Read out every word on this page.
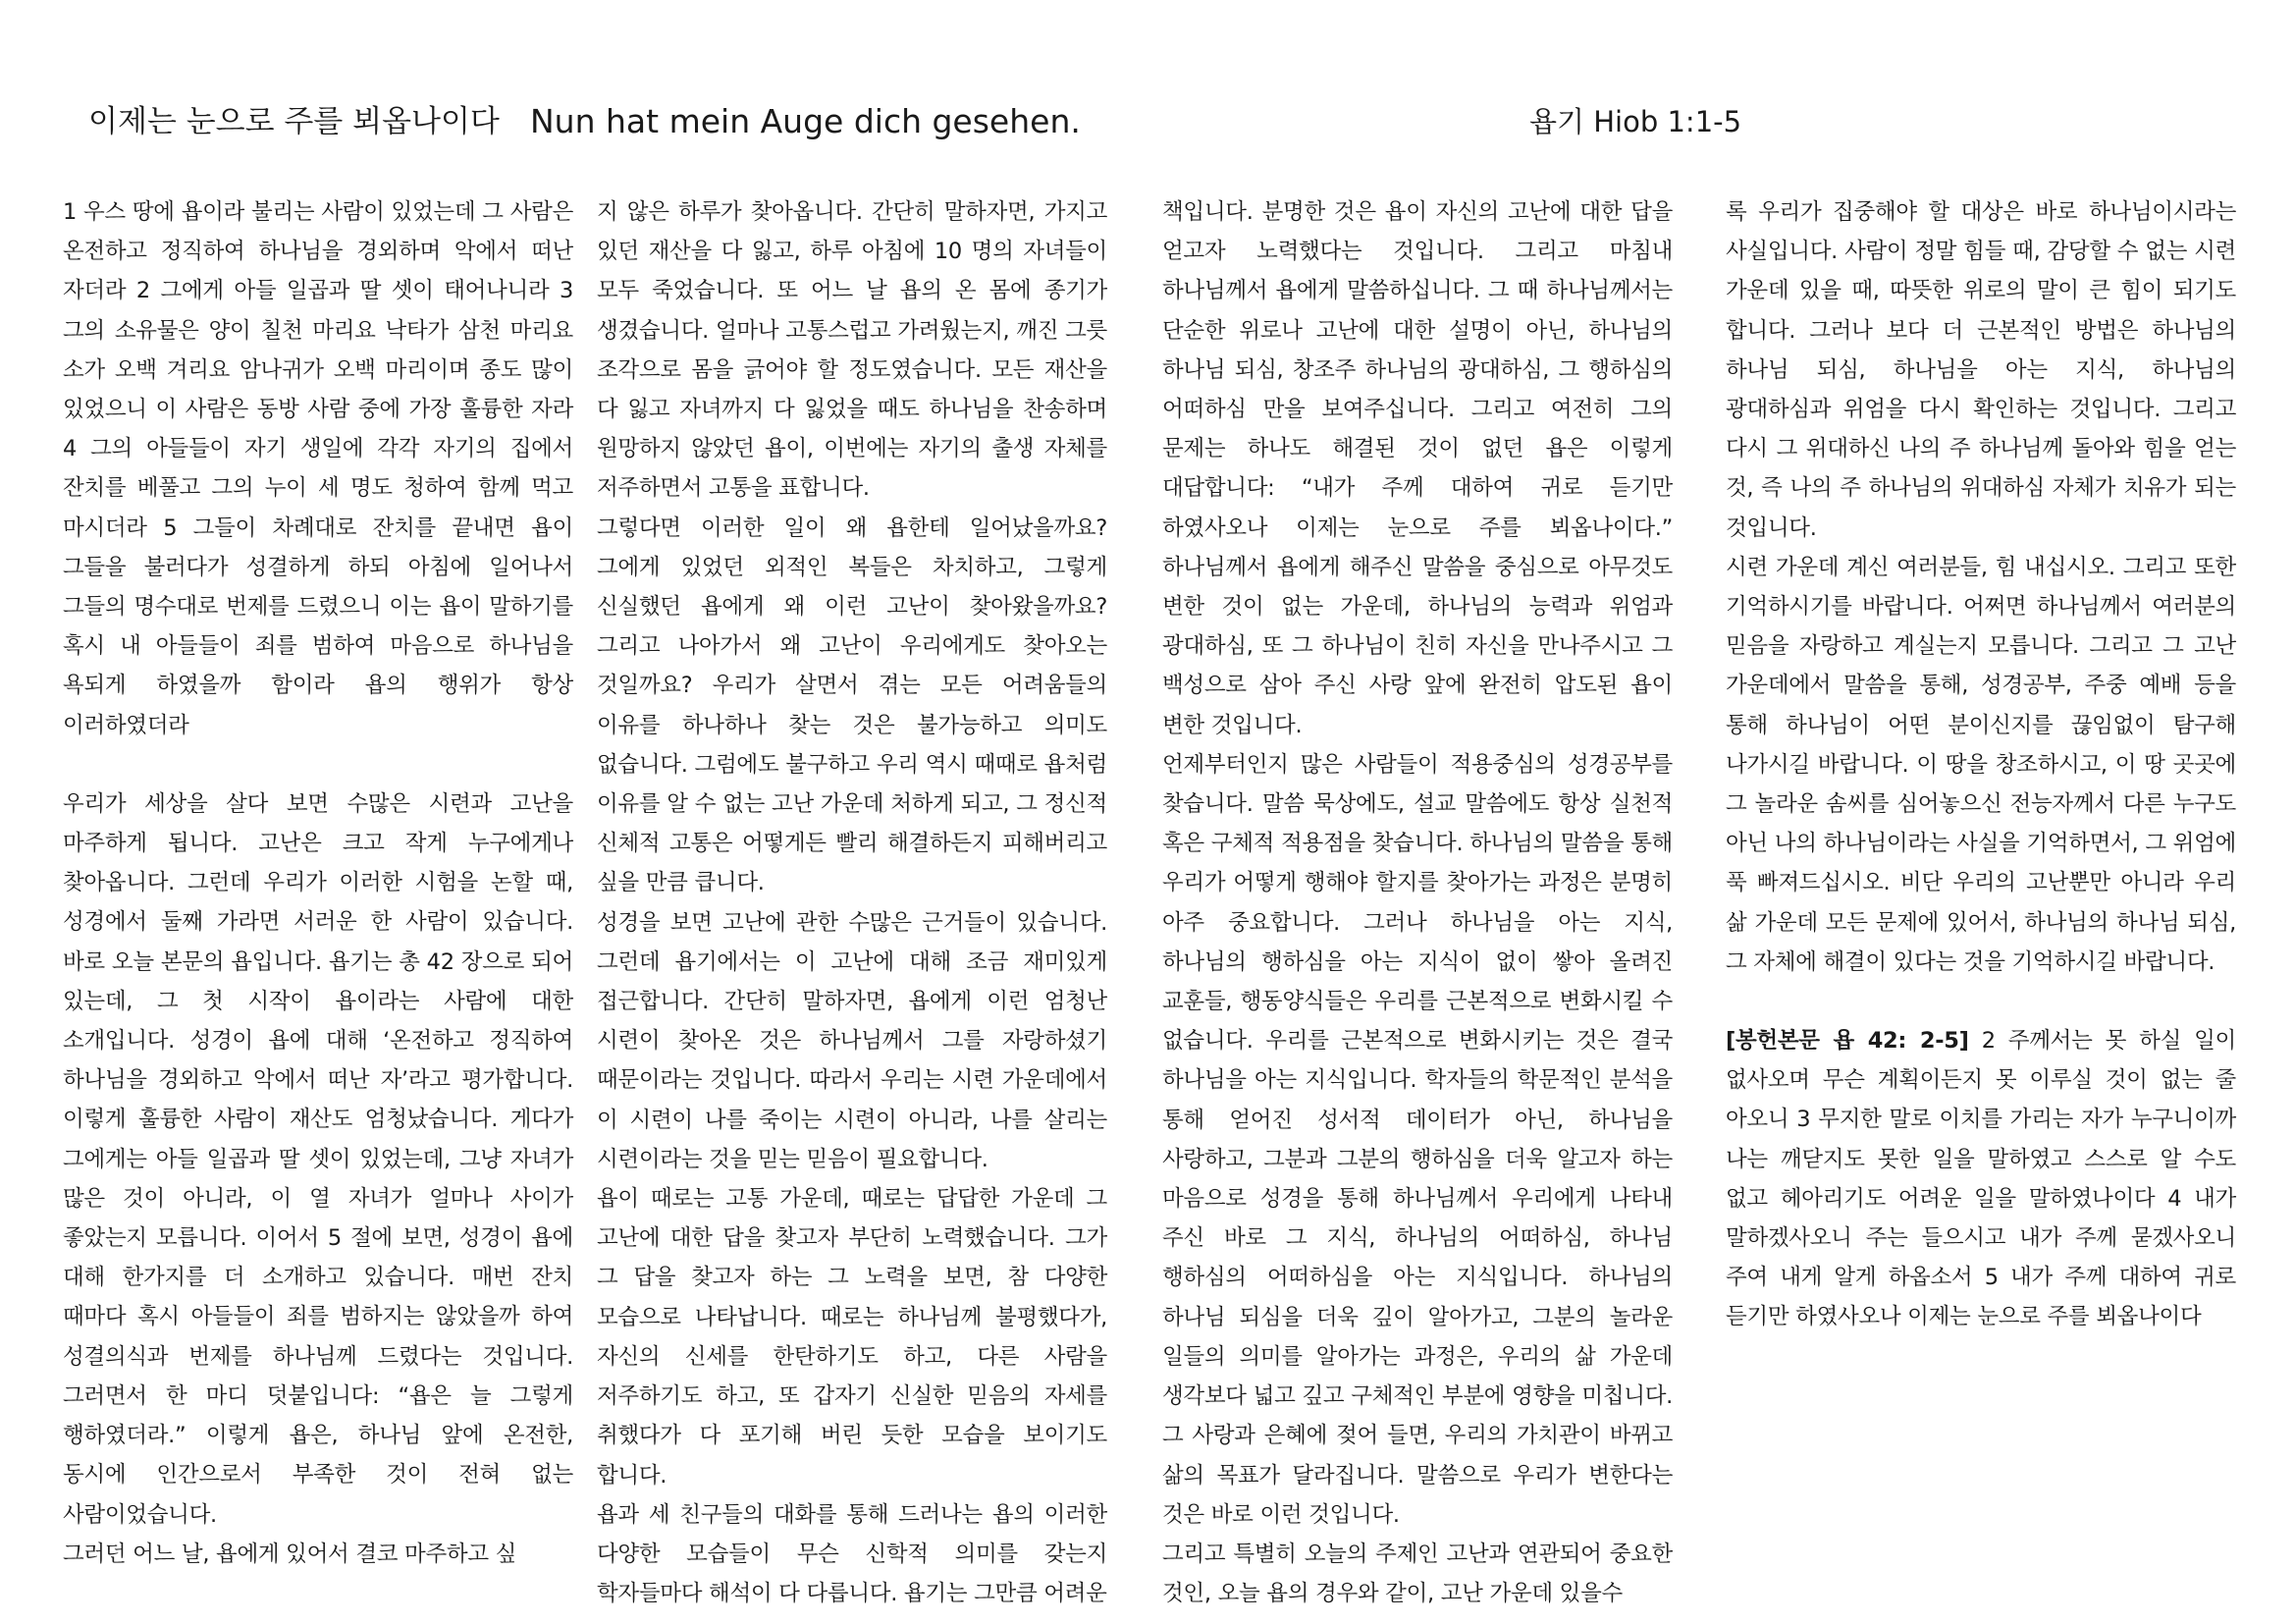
이제는 눈으로 주를 뵈옵나이다 Nun hat mein Auge dich gesehen.	욥기 Hiob 1:1-5

1 우스 땅에 욥이라 불리는 사람이 있었는데 그 사람은 온전하고 정직하여 하나님을 경외하며 악에서 떠난 자더라 2 그에게 아들 일곱과 딸 셋이 태어나니라 3 그의 소유물은 양이 칠천 마리요 낙타가 삼천 마리요 소가 오백 겨리요 암나귀가 오백 마리이며 종도 많이 있었으니 이 사람은 동방 사람 중에 가장 훌륭한 자라 4 그의 아들들이 자기 생일에 각각 자기의 집에서 잔치를 베풀고 그의 누이 세 명도 청하여 함께 먹고 마시더라 5 그들이 차례대로 잔치를 끝내면 욥이 그들을 불러다가 성결하게 하되 아침에 일어나서 그들의 명수대로 번제를 드렸으니 이는 욥이 말하기를 혹시 내 아들들이 죄를 범하여 마음으로 하나님을 욕되게 하였을까 함이라 욥의 행위가 항상 이러하였더라

우리가 세상을 살다 보면 수많은 시련과 고난을 마주하게 됩니다. 고난은 크고 작게 누구에게나 찾아옵니다. 그런데 우리가 이러한 시험을 논할 때, 성경에서 둘째 가라면 서러운 한 사람이 있습니다. 바로 오늘 본문의 욥입니다. 욥기는 총 42 장으로 되어 있는데, 그 첫 시작이 욥이라는 사람에 대한 소개입니다. 성경이 욥에 대해 ‘온전하고 정직하여 하나님을 경외하고 악에서 떠난 자’라고 평가합니다. 이렇게 훌륭한 사람이 재산도 엄청났습니다. 게다가 그에게는 아들 일곱과 딸 셋이 있었는데, 그냥 자녀가 많은 것이 아니라, 이 열 자녀가 얼마나 사이가 좋았는지 모릅니다. 이어서 5 절에 보면, 성경이 욥에 대해 한가지를 더 소개하고 있습니다. 매번 잔치 때마다 혹시 아들들이 죄를 범하지는 않았을까 하여 성결의식과 번제를 하나님께 드렸다는 것입니다. 그러면서 한 마디 덧붙입니다: “욥은 늘 그렇게 행하였더라.” 이렇게 욥은, 하나님 앞에 온전한, 동시에 인간으로서 부족한 것이 전혀 없는 사람이었습니다.

그러던 어느 날, 욥에게 있어서 결코 마주하고 싶

지 않은 하루가 찾아옵니다. 간단히 말하자면, 가지고 있던 재산을 다 잃고, 하루 아침에 10 명의 자녀들이 모두 죽었습니다. 또 어느 날 욥의 온 몸에 종기가 생겼습니다. 얼마나 고통스럽고 가려웠는지, 깨진 그릇 조각으로 몸을 긁어야 할 정도였습니다. 모든 재산을 다 잃고 자녀까지 다 잃었을 때도 하나님을 찬송하며 원망하지 않았던 욥이, 이번에는 자기의 출생 자체를 저주하면서 고통을 표합니다.

그렇다면 이러한 일이 왜 욥한테 일어났을까요? 그에게 있었던 외적인 복들은 차치하고, 그렇게 신실했던 욥에게 왜 이런 고난이 찾아왔을까요? 그리고 나아가서 왜 고난이 우리에게도 찾아오는 것일까요? 우리가 살면서 겪는 모든 어려움들의 이유를 하나하나 찾는 것은 불가능하고 의미도 없습니다. 그럼에도 불구하고 우리 역시 때때로 욥처럼 이유를 알 수 없는 고난 가운데 처하게 되고, 그 정신적 신체적 고통은 어떻게든 빨리 해결하든지 피해버리고 싶을 만큼 큽니다.

성경을 보면 고난에 관한 수많은 근거들이 있습니다. 그런데 욥기에서는 이 고난에 대해 조금 재미있게 접근합니다. 간단히 말하자면, 욥에게 이런 엄청난 시련이 찾아온 것은 하나님께서 그를 자랑하셨기 때문이라는 것입니다. 따라서 우리는 시련 가운데에서 이 시련이 나를 죽이는 시련이 아니라, 나를 살리는 시련이라는 것을 믿는 믿음이 필요합니다.

욥이 때로는 고통 가운데, 때로는 답답한 가운데 그 고난에 대한 답을 찾고자 부단히 노력했습니다. 그가 그 답을 찾고자 하는 그 노력을 보면, 참 다양한 모습으로 나타납니다. 때로는 하나님께 불평했다가, 자신의 신세를 한탄하기도 하고, 다른 사람을 저주하기도 하고, 또 갑자기 신실한 믿음의 자세를 취했다가 다 포기해 버린 듯한 모습을 보이기도 합니다.

욥과 세 친구들의 대화를 통해 드러나는 욥의 이러한 다양한 모습들이 무슨 신학적 의미를 갖는지 학자들마다 해석이 다 다릅니다. 욥기는 그만큼 어려운

책입니다. 분명한 것은 욥이 자신의 고난에 대한 답을 얻고자 노력했다는 것입니다. 그리고 마침내 하나님께서 욥에게 말씀하십니다. 그 때 하나님께서는 단순한 위로나 고난에 대한 설명이 아닌, 하나님의 하나님 되심, 창조주 하나님의 광대하심, 그 행하심의 어떠하심 만을 보여주십니다. 그리고 여전히 그의 문제는 하나도 해결된 것이 없던 욥은 이렇게 대답합니다: “내가 주께 대하여 귀로 듣기만 하였사오나 이제는 눈으로 주를 뵈옵나이다.” 하나님께서 욥에게 해주신 말씀을 중심으로 아무것도 변한 것이 없는 가운데, 하나님의 능력과 위엄과 광대하심, 또 그 하나님이 친히 자신을 만나주시고 그 백성으로 삼아 주신 사랑 앞에 완전히 압도된 욥이 변한 것입니다.

언제부터인지 많은 사람들이 적용중심의 성경공부를 찾습니다. 말씀 묵상에도, 설교 말씀에도 항상 실천적 혹은 구체적 적용점을 찾습니다. 하나님의 말씀을 통해 우리가 어떻게 행해야 할지를 찾아가는 과정은 분명히 아주 중요합니다. 그러나 하나님을 아는 지식, 하나님의 행하심을 아는 지식이 없이 쌓아 올려진 교훈들, 행동양식들은 우리를 근본적으로 변화시킬 수 없습니다. 우리를 근본적으로 변화시키는 것은 결국 하나님을 아는 지식입니다. 학자들의 학문적인 분석을 통해 얻어진 성서적 데이터가 아닌, 하나님을 사랑하고, 그분과 그분의 행하심을 더욱 알고자 하는 마음으로 성경을 통해 하나님께서 우리에게 나타내 주신 바로 그 지식, 하나님의 어떠하심, 하나님 행하심의 어떠하심을 아는 지식입니다. 하나님의 하나님 되심을 더욱 깊이 알아가고, 그분의 놀라운 일들의 의미를 알아가는 과정은, 우리의 삶 가운데 생각보다 넓고 깊고 구체적인 부분에 영향을 미칩니다. 그 사랑과 은혜에 젖어 들면, 우리의 가치관이 바뀌고 삶의 목표가 달라집니다. 말씀으로 우리가 변한다는 것은 바로 이런 것입니다.

그리고 특별히 오늘의 주제인 고난과 연관되어 중요한 것인, 오늘 욥의 경우와 같이, 고난 가운데 있을수

록 우리가 집중해야 할 대상은 바로 하나님이시라는 사실입니다. 사람이 정말 힘들 때, 감당할 수 없는 시련 가운데 있을 때, 따뜻한 위로의 말이 큰 힘이 되기도 합니다. 그러나 보다 더 근본적인 방법은 하나님의 하나님 되심, 하나님을 아는 지식, 하나님의 광대하심과 위엄을 다시 확인하는 것입니다. 그리고 다시 그 위대하신 나의 주 하나님께 돌아와 힘을 얻는 것, 즉 나의 주 하나님의 위대하심 자체가 치유가 되는 것입니다.

시련 가운데 계신 여러분들, 힘 내십시오. 그리고 또한 기억하시기를 바랍니다. 어쩌면 하나님께서 여러분의 믿음을 자랑하고 계실는지 모릅니다. 그리고 그 고난 가운데에서 말씀을 통해, 성경공부, 주중 예배 등을 통해 하나님이 어떤 분이신지를 끊임없이 탐구해 나가시길 바랍니다. 이 땅을 창조하시고, 이 땅 곳곳에 그 놀라운 솜씨를 심어놓으신 전능자께서 다른 누구도 아닌 나의 하나님이라는 사실을 기억하면서, 그 위엄에 푹 빠져드십시오. 비단 우리의 고난뿐만 아니라 우리 삶 가운데 모든 문제에 있어서, 하나님의 하나님 되심, 그 자체에 해결이 있다는 것을 기억하시길 바랍니다.

[봉헌본문 욥 42: 2-5] 2 주께서는 못 하실 일이 없사오며 무슨 계획이든지 못 이루실 것이 없는 줄 아오니 3 무지한 말로 이치를 가리는 자가 누구니이까 나는 깨닫지도 못한 일을 말하였고 스스로 알 수도 없고 헤아리기도 어려운 일을 말하였나이다 4 내가 말하겠사오니 주는 들으시고 내가 주께 묻겠사오니 주여 내게 알게 하옵소서 5 내가 주께 대하여 귀로 듣기만 하였사오나 이제는 눈으로 주를 뵈옵나이다
